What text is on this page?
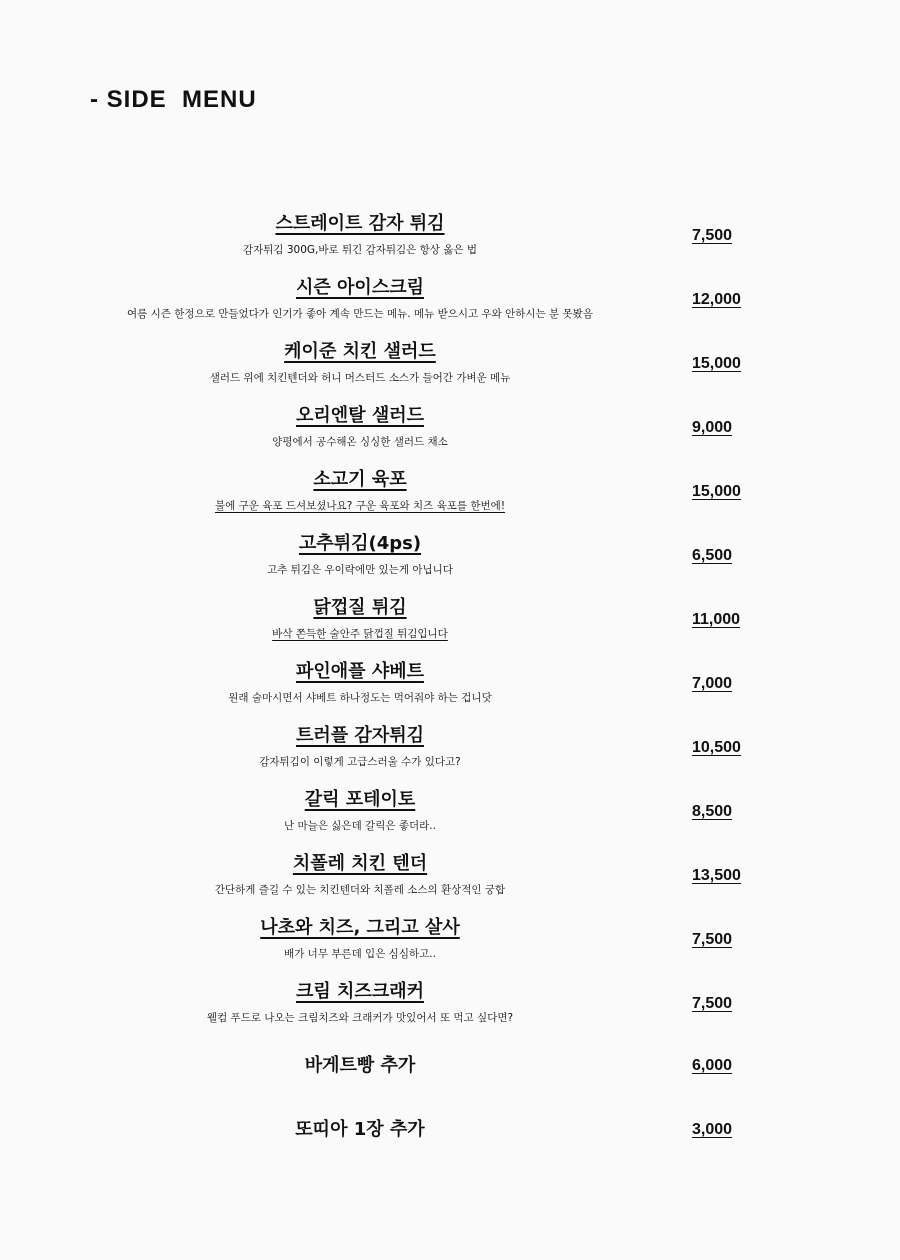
- SIDE  MENU
스트레이트 감자 튀김
감자튀김 300G,바로 튀긴 감자튀김은 항상 옳은 법
7,500
시즌 아이스크림
여름 시즌 한정으로 만들었다가 인기가 좋아 계속 만드는 메뉴. 메뉴 받으시고 우와 안하시는 분 못봤음
12,000
케이준 치킨 샐러드
샐러드 위에 치킨텐더와 허니 머스터드 소스가 들어간 가벼운 메뉴
15,000
오리엔탈 샐러드
양평에서 공수해온 싱싱한 샐러드 채소
9,000
소고기 육포
불에 구운 육포 드셔보셨나요? 구운 육포와 치즈 육포를 한번에!
15,000
고추튀김(4ps)
고추 튀김은 우이락에만 있는게 아닙니다
6,500
닭껍질 튀김
바삭 쫀득한 술안주 닭껍질 튀김입니다
11,000
파인애플 샤베트
원래 술마시면서 샤베트 하나정도는 먹어줘야 하는 겁니닷
7,000
트러플 감자튀김
감자튀김이 이렇게 고급스러울 수가 있다고?
10,500
갈릭 포테이토
난 마늘은 싫은데 갈릭은 좋더라..
8,500
치폴레 치킨 텐더
간단하게 즐길 수 있는 치킨텐더와 치폴레 소스의 환상적인 궁합
13,500
나초와 치즈, 그리고 살사
배가 너무 부른데 입은 심심하고..
7,500
크림 치즈크래커
웰컴 푸드로 나오는 크림치즈와 크래커가 맛있어서 또 먹고 싶다면?
7,500
바게트빵 추가	6,000
또띠아 1장 추가	3,000
